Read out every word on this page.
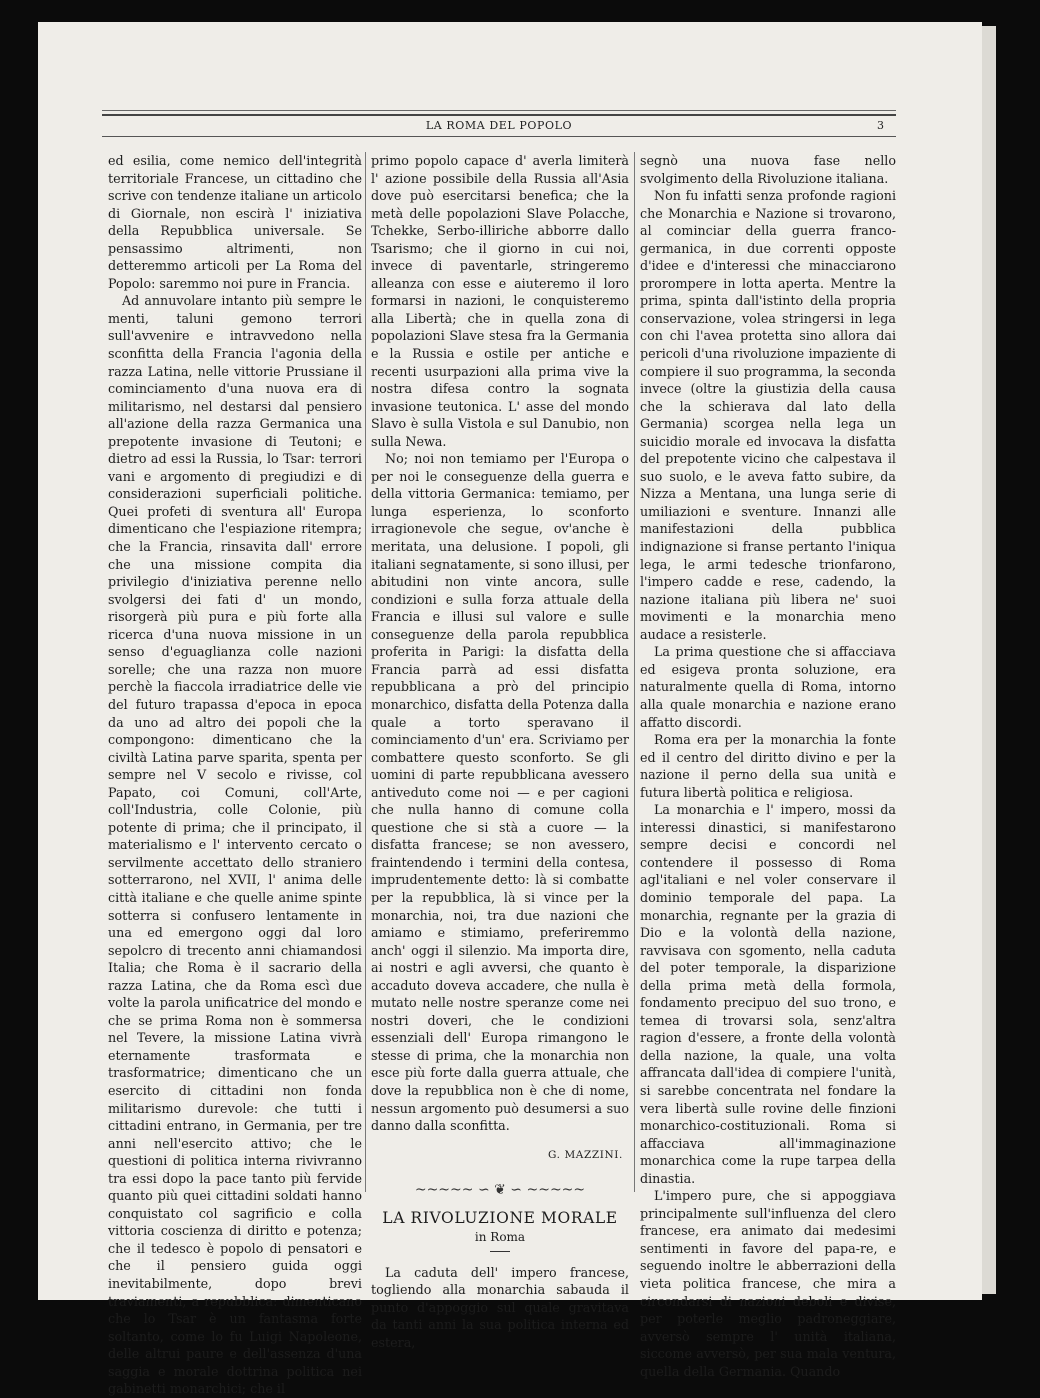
LA ROMA DEL POPOLO	3

ed esilia, come nemico dell'integrità territoriale Francese, un cittadino che scrive con tendenze italiane un articolo di Giornale, non escirà l' iniziativa della Repubblica universale. Se pensassimo altrimenti, non detteremmo articoli per La Roma del Popolo: saremmo noi pure in Francia.

Ad annuvolare intanto più sempre le menti, taluni gemono terrori sull'avvenire e intravvedono nella sconfitta della Francia l'agonia della razza Latina, nelle vittorie Prussiane il cominciamento d'una nuova era di militarismo, nel destarsi dal pensiero all'azione della razza Germanica una prepotente invasione di Teutoni; e dietro ad essi la Russia, lo Tsar: terrori vani e argomento di pregiudizi e di considerazioni superficiali politiche. Quei profeti di sventura all' Europa dimenticano che l'espiazione ritempra; che la Francia, rinsavita dall' errore che una missione compita dia privilegio d'iniziativa perenne nello svolgersi dei fati d' un mondo, risorgerà più pura e più forte alla ricerca d'una nuova missione in un senso d'eguaglianza colle nazioni sorelle; che una razza non muore perchè la fiaccola irradiatrice delle vie del futuro trapassa d'epoca in epoca da uno ad altro dei popoli che la compongono: dimenticano che la civiltà Latina parve sparita, spenta per sempre nel V secolo e rivisse, col Papato, coi Comuni, coll'Arte, coll'Industria, colle Colonie, più potente di prima; che il principato, il materialismo e l' intervento cercato o servilmente accettato dello straniero sotterrarono, nel XVII, l' anima delle città italiane e che quelle anime spinte sotterra si confusero lentamente in una ed emergono oggi dal loro sepolcro di trecento anni chiamandosi Italia; che Roma è il sacrario della razza Latina, che da Roma escì due volte la parola unificatrice del mondo e che se prima Roma non è sommersa nel Tevere, la missione Latina vivrà eternamente trasformata e trasformatrice; dimenticano che un esercito di cittadini non fonda militarismo durevole: che tutti i cittadini entrano, in Germania, per tre anni nell'esercito attivo; che le questioni di politica interna rivivranno tra essi dopo la pace tanto più fervide quanto più quei cittadini soldati hanno conquistato col sagrificio e colla vittoria coscienza di diritto e potenza; che il tedesco è popolo di pensatori e che il pensiero guida oggi inevitabilmente, dopo brevi traviamenti, a repubblica: dimenticano che lo Tsar è un fantasma forte soltanto, come lo fu Luigi Napoleone, delle altrui paure e dell'assenza d'una saggia e morale dottrina politica nei gabinetti monarchici; che il

primo popolo capace d' averla limiterà l' azione possibile della Russia all'Asia dove può esercitarsi benefica; che la metà delle popolazioni Slave Polacche, Tchekke, Serbo-illiriche abborre dallo Tsarismo; che il giorno in cui noi, invece di paventarle, stringeremo alleanza con esse e aiuteremo il loro formarsi in nazioni, le conquisteremo alla Libertà; che in quella zona di popolazioni Slave stesa fra la Germania e la Russia e ostile per antiche e recenti usurpazioni alla prima vive la nostra difesa contro la sognata invasione teutonica. L' asse del mondo Slavo è sulla Vistola e sul Danubio, non sulla Newa.

No; noi non temiamo per l'Europa o per noi le conseguenze della guerra e della vittoria Germanica: temiamo, per lunga esperienza, lo sconforto irragionevole che segue, ov'anche è meritata, una delusione. I popoli, gli italiani segnatamente, si sono illusi, per abitudini non vinte ancora, sulle condizioni e sulla forza attuale della Francia e illusi sul valore e sulle conseguenze della parola repubblica proferita in Parigi: la disfatta della Francia parrà ad essi disfatta repubblicana a prò del principio monarchico, disfatta della Potenza dalla quale a torto speravano il cominciamento d'un' era. Scriviamo per combattere questo sconforto. Se gli uomini di parte repubblicana avessero antiveduto come noi — e per cagioni che nulla hanno di comune colla questione che si stà a cuore — la disfatta francese; se non avessero, fraintendendo i termini della contesa, imprudentemente detto: là si combatte per la repubblica, là si vince per la monarchia, noi, tra due nazioni che amiamo e stimiamo, preferiremmo anch' oggi il silenzio. Ma importa dire, ai nostri e agli avversi, che quanto è accaduto doveva accadere, che nulla è mutato nelle nostre speranze come nei nostri doveri, che le condizioni essenziali dell' Europa rimangono le stesse di prima, che la monarchia non esce più forte dalla guerra attuale, che dove la repubblica non è che di nome, nessun argomento può desumersi a suo danno dalla sconfitta.

G. MAZZINI.
~~~~~ ∽ ❦ ∽ ~~~~~
LA RIVOLUZIONE MORALE
in Roma

La caduta dell' impero francese, togliendo alla monarchia sabauda il punto d'appoggio sul quale gravitava da tanti anni la sua politica interna ed estera,

segnò una nuova fase nello svolgimento della Rivoluzione italiana.

Non fu infatti senza profonde ragioni che Monarchia e Nazione si trovarono, al cominciar della guerra franco-germanica, in due correnti opposte d'idee e d'interessi che minacciarono prorompere in lotta aperta. Mentre la prima, spinta dall'istinto della propria conservazione, volea stringersi in lega con chi l'avea protetta sino allora dai pericoli d'una rivoluzione impaziente di compiere il suo programma, la seconda invece (oltre la giustizia della causa che la schierava dal lato della Germania) scorgea nella lega un suicidio morale ed invocava la disfatta del prepotente vicino che calpestava il suo suolo, e le aveva fatto subire, da Nizza a Mentana, una lunga serie di umiliazioni e sventure. Innanzi alle manifestazioni della pubblica indignazione si franse pertanto l'iniqua lega, le armi tedesche trionfarono, l'impero cadde e rese, cadendo, la nazione italiana più libera ne' suoi movimenti e la monarchia meno audace a resisterle.

La prima questione che si affacciava ed esigeva pronta soluzione, era naturalmente quella di Roma, intorno alla quale monarchia e nazione erano affatto discordi.

Roma era per la monarchia la fonte ed il centro del diritto divino e per la nazione il perno della sua unità e futura libertà politica e religiosa.

La monarchia e l' impero, mossi da interessi dinastici, si manifestarono sempre decisi e concordi nel contendere il possesso di Roma agl'italiani e nel voler conservare il dominio temporale del papa. La monarchia, regnante per la grazia di Dio e la volontà della nazione, ravvisava con sgomento, nella caduta del poter temporale, la disparizione della prima metà della formola, fondamento precipuo del suo trono, e temea di trovarsi sola, senz'altra ragion d'essere, a fronte della volontà della nazione, la quale, una volta affrancata dall'idea di compiere l'unità, si sarebbe concentrata nel fondare la vera libertà sulle rovine delle finzioni monarchico-costituzionali. Roma si affacciava all'immaginazione monarchica come la rupe tarpea della dinastia.

L'impero pure, che si appoggiava principalmente sull'influenza del clero francese, era animato dai medesimi sentimenti in favore del papa-re, e seguendo inoltre le abberrazioni della vieta politica francese, che mira a circondarsi di nazioni deboli e divise, per poterle meglio padroneggiare, avversò sempre l' unità italiana, siccome avversò, per sua mala ventura, quella della Germania. Quando
